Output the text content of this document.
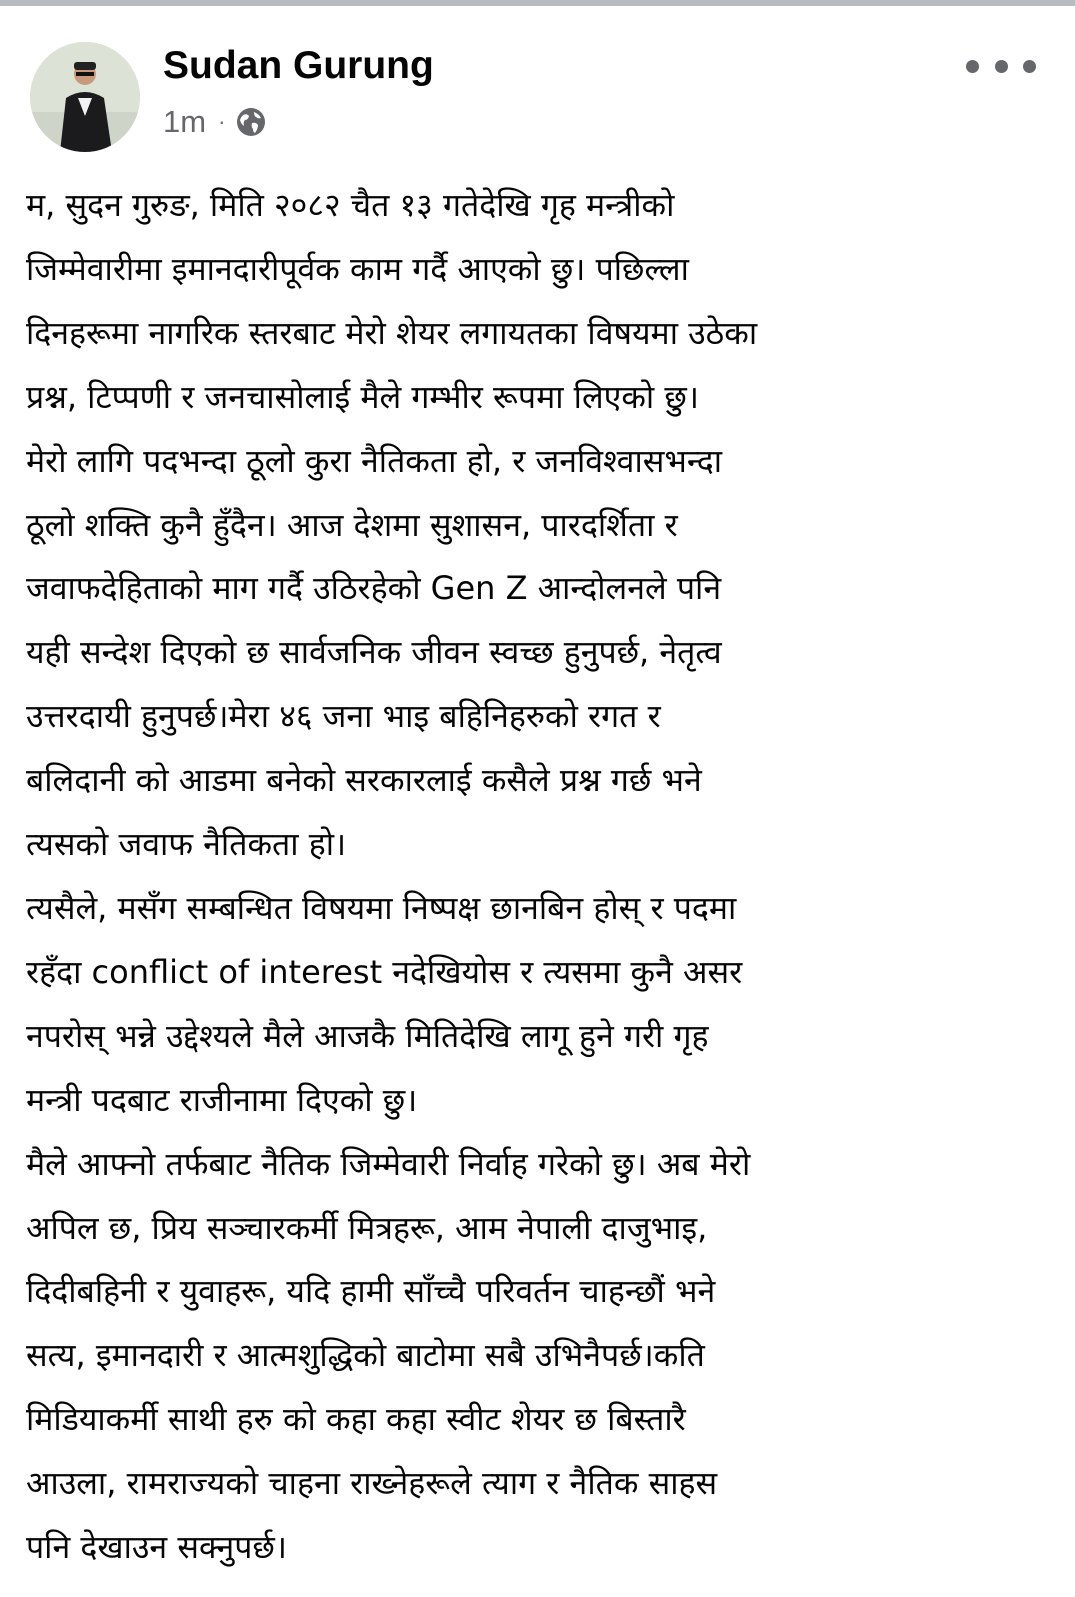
Sudan Gurung
1m ·
म, सुदन गुरुङ, मिति २०८२ चैत १३ गतेदेखि गृह मन्त्रीको
जिम्मेवारीमा इमानदारीपूर्वक काम गर्दै आएको छु। पछिल्ला
दिनहरूमा नागरिक स्तरबाट मेरो शेयर लगायतका विषयमा उठेका
प्रश्न, टिप्पणी र जनचासोलाई मैले गम्भीर रूपमा लिएको छु।
मेरो लागि पदभन्दा ठूलो कुरा नैतिकता हो, र जनविश्वासभन्दा
ठूलो शक्ति कुनै हुँदैन। आज देशमा सुशासन, पारदर्शिता र
जवाफदेहिताको माग गर्दै उठिरहेको Gen Z आन्दोलनले पनि
यही सन्देश दिएको छ सार्वजनिक जीवन स्वच्छ हुनुपर्छ, नेतृत्व
उत्तरदायी हुनुपर्छ।मेरा ४६ जना भाइ बहिनिहरुको रगत र
बलिदानी को आडमा बनेको सरकारलाई कसैले प्रश्न गर्छ भने
त्यसको जवाफ नैतिकता हो।
त्यसैले, मसँग सम्बन्धित विषयमा निष्पक्ष छानबिन होस् र पदमा
रहँदा conflict of interest नदेखियोस र त्यसमा कुनै असर
नपरोस् भन्ने उद्देश्यले मैले आजकै मितिदेखि लागू हुने गरी गृह
मन्त्री पदबाट राजीनामा दिएको छु।
मैले आफ्नो तर्फबाट नैतिक जिम्मेवारी निर्वाह गरेको छु। अब मेरो
अपिल छ, प्रिय सञ्चारकर्मी मित्रहरू, आम नेपाली दाजुभाइ,
दिदीबहिनी र युवाहरू, यदि हामी साँच्चै परिवर्तन चाहन्छौं भने
सत्य, इमानदारी र आत्मशुद्धिको बाटोमा सबै उभिनैपर्छ।कति
मिडियाकर्मी साथी हरु को कहा कहा स्वीट शेयर छ बिस्तारै
आउला, रामराज्यको चाहना राख्नेहरूले त्याग र नैतिक साहस
पनि देखाउन सक्नुपर्छ।
